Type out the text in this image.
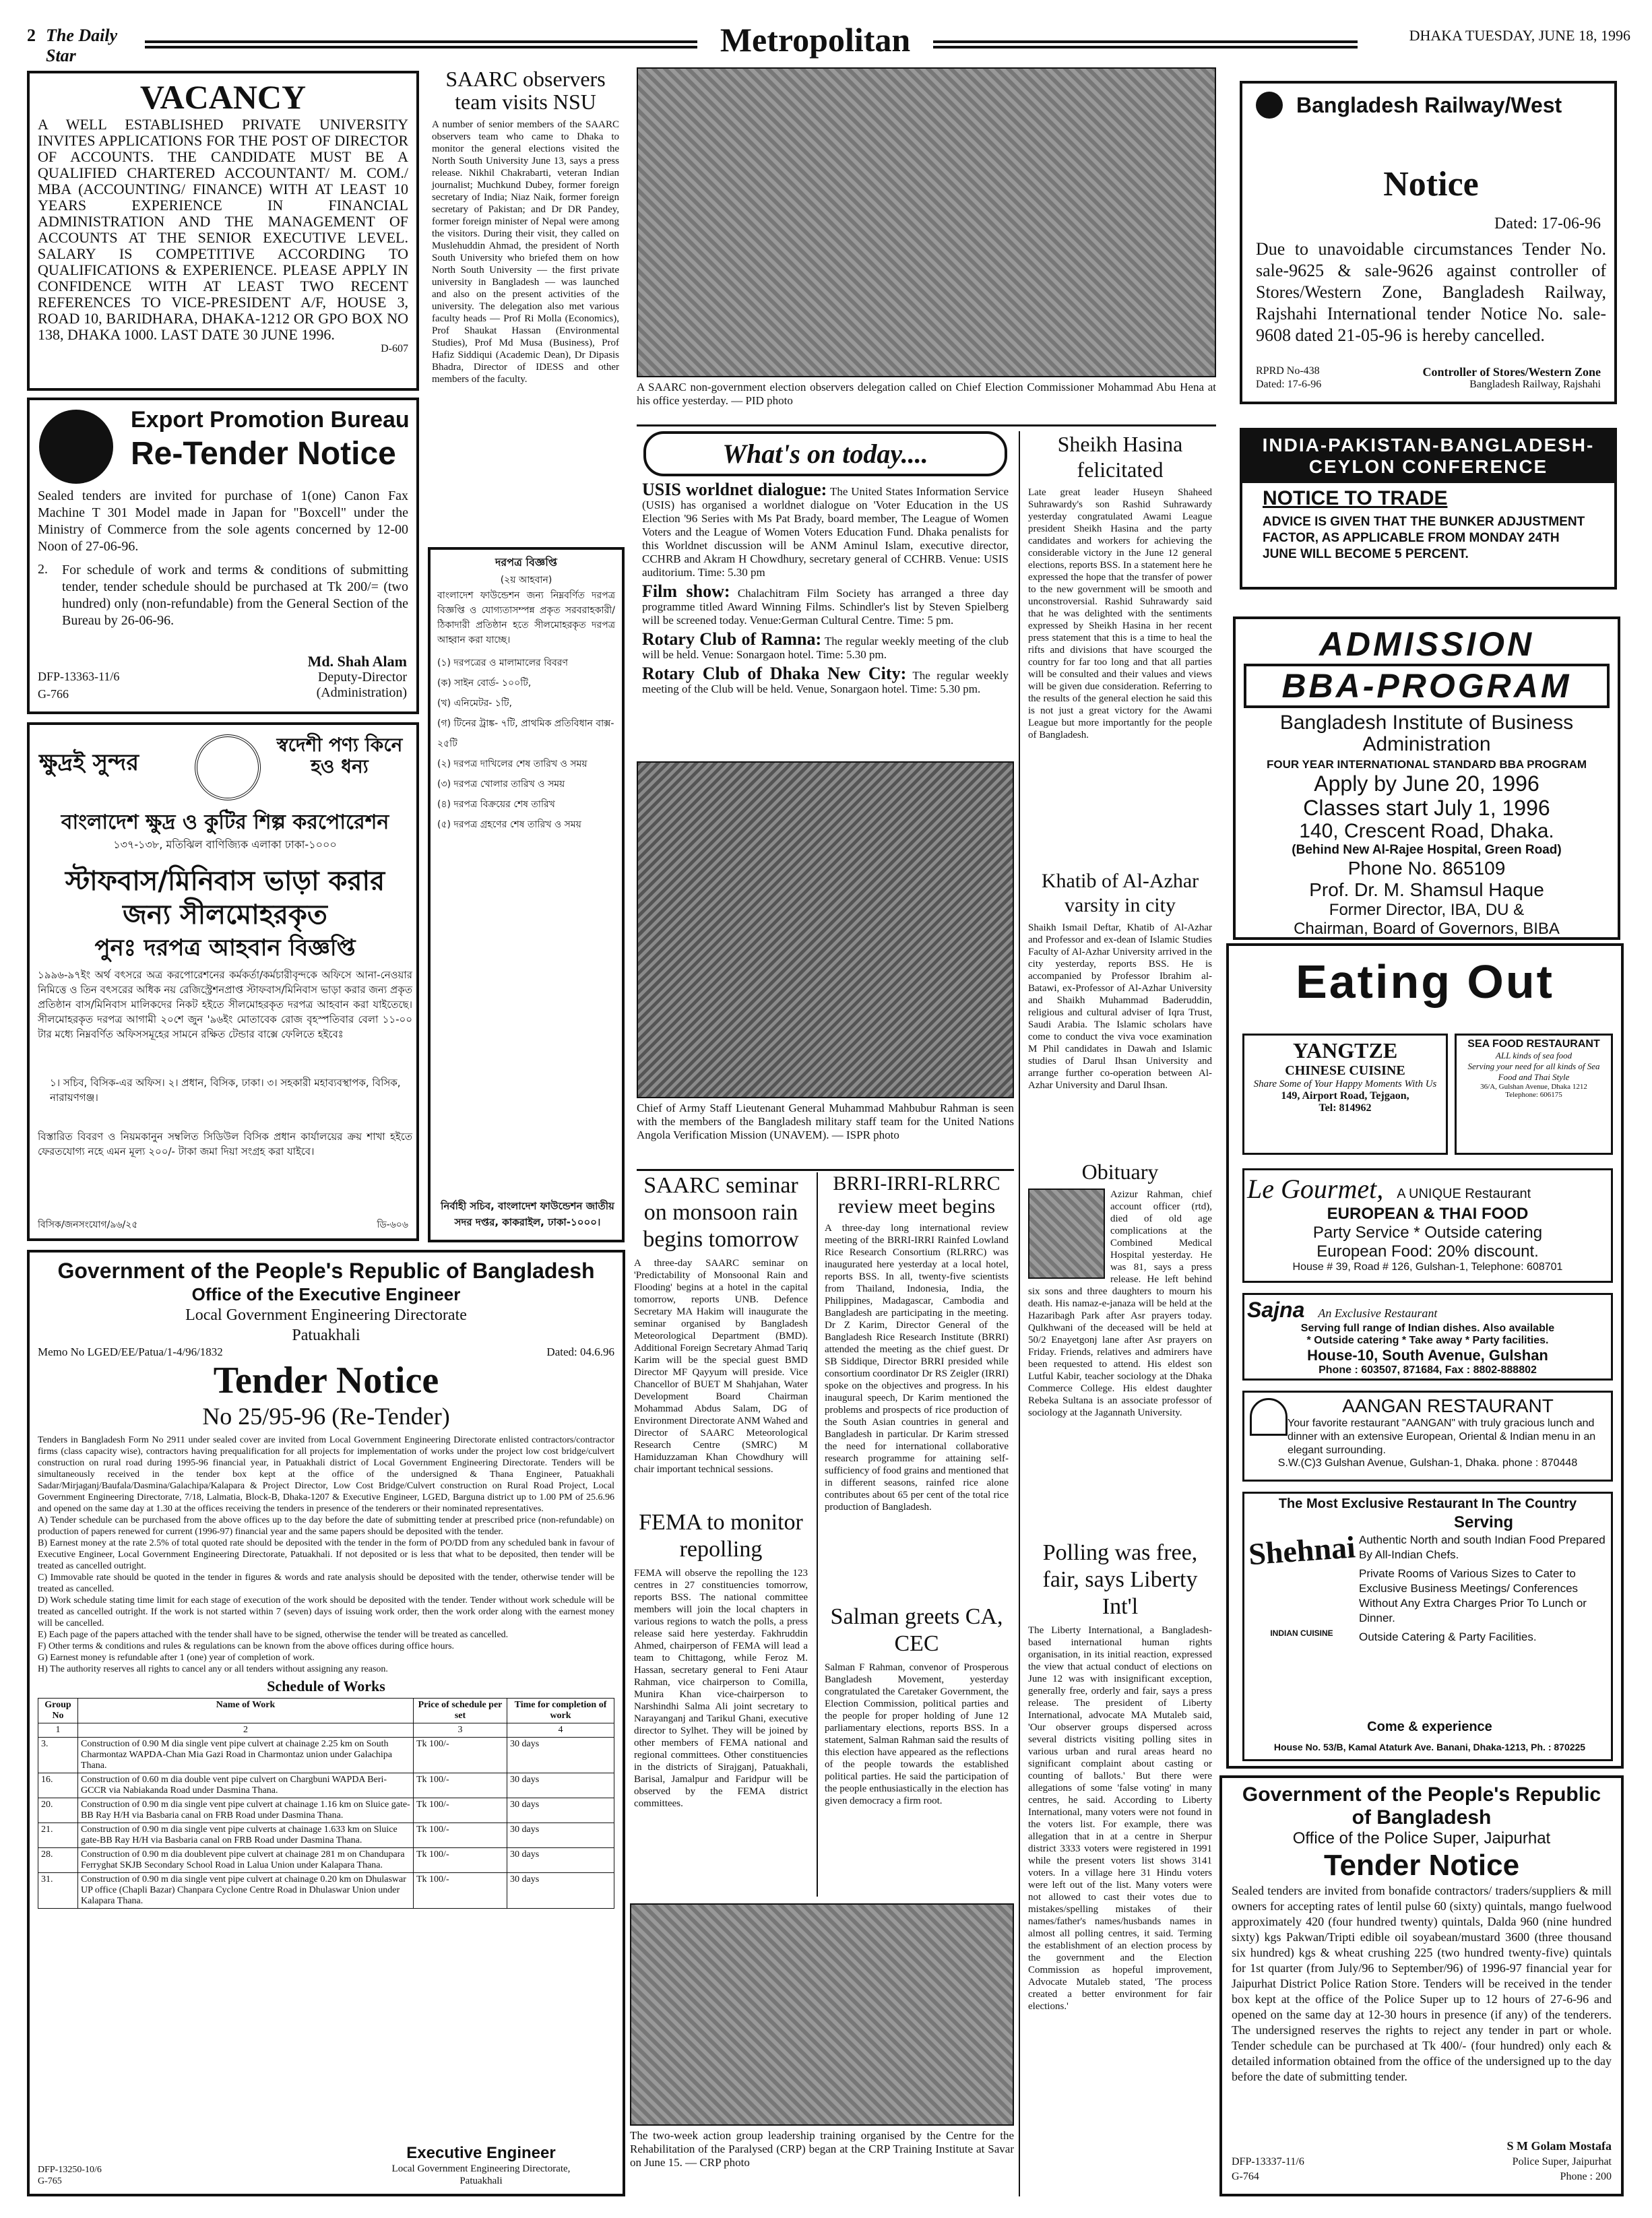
2 The Daily Star	Metropolitan	DHAKA TUESDAY, JUNE 18, 1996
VACANCY
A WELL ESTABLISHED PRIVATE UNIVERSITY INVITES APPLICATIONS FOR THE POST OF DIRECTOR OF ACCOUNTS. THE CANDIDATE MUST BE A QUALIFIED CHARTERED ACCOUNTANT/ M. COM./ MBA (ACCOUNTING/ FINANCE) WITH AT LEAST 10 YEARS EXPERIENCE IN FINANCIAL ADMINISTRATION AND THE MANAGEMENT OF ACCOUNTS AT THE SENIOR EXECUTIVE LEVEL. SALARY IS COMPETITIVE ACCORDING TO QUALIFICATIONS & EXPERIENCE. PLEASE APPLY IN CONFIDENCE WITH AT LEAST TWO RECENT REFERENCES TO VICE-PRESIDENT A/F, HOUSE 3, ROAD 10, BARIDHARA, DHAKA-1212 OR GPO BOX NO 138, DHAKA 1000. LAST DATE 30 JUNE 1996.
D-607
Export Promotion Bureau
Re-Tender Notice
Sealed tenders are invited for purchase of 1(one) Canon Fax Machine T 301 Model made in Japan for "Boxcell" under the Ministry of Commerce from the sole agents concerned by 12-00 Noon of 27-06-96.
2. For schedule of work and terms & conditions of submitting tender, tender schedule should be purchased at Tk 200/= (two hundred) only (non-refundable) from the General Section of the Bureau by 26-06-96.
Md. Shah Alam
Deputy-Director (Administration)
DFP-13363-11/6
G-766
ক্ষুদ্রই সুন্দর
স্বদেশী পণ্য কিনে হও ধন্য
বাংলাদেশ ক্ষুদ্র ও কুটির শিল্প করপোরেশন
১৩৭-১৩৮, মতিঝিল বাণিজ্যিক এলাকা ঢাকা-১০০০
স্টাফবাস/মিনিবাস ভাড়া করার
জন্য সীলমোহরকৃত
পুনঃ দরপত্র আহবান বিজ্ঞপ্তি
১৯৯৬-৯৭ইং অর্থ বৎসরে অত্র করপোরেশনের কর্মকর্তা/কর্মচারীবৃন্দকে অফিসে আনা-নেওয়ার নিমিত্তে ও তিন বৎসরের অধিক নয় রেজিস্ট্রেশনপ্রাপ্ত স্টাফবাস/মিনিবাস ভাড়া করার জন্য প্রকৃত প্রতিষ্ঠান বাস/মিনিবাস মালিকদের নিকট হইতে সীলমোহরকৃত দরপত্র আহবান করা যাইতেছে। সীলমোহরকৃত দরপত্র আগামী ২০শে জুন '৯৬ইং মোতাবেক রোজ বৃহস্পতিবার বেলা ১১-০০ টার মধ্যে নিম্নবর্ণিত অফিসসমূহের সামনে রক্ষিত টেন্ডার বাক্সে ফেলিতে হইবেঃ
১। সচিব, বিসিক-এর অফিস। ২। প্রধান, বিসিক, ঢাকা। ৩। সহকারী মহাব্যবস্থাপক, বিসিক, নারায়ণগঞ্জ।
বিস্তারিত বিবরণ ও নিয়মকানুন সম্বলিত সিডিউল বিসিক প্রধান কার্যালয়ের ক্রয় শাখা হইতে ফেরতযোগ্য নহে এমন মূল্য ২০০/- টাকা জমা দিয়া সংগ্রহ করা যাইবে।
বিসিক/জনসংযোগ/৯৬/২৫	ডি-৬০৬
Government of the People's Republic of Bangladesh
Office of the Executive Engineer
Local Government Engineering Directorate
Patuakhali
Memo No LGED/EE/Patua/1-4/96/1832	Dated: 04.6.96
Tender Notice
No 25/95-96 (Re-Tender)
Tenders in Bangladesh Form No 2911 under sealed cover are invited from Local Government Engineering Directorate enlisted contractors/contractor firms (class capacity wise), contractors having prequalification for all projects for implementation of works under the project low cost bridge/culvert construction on rural road during 1995-96 financial year, in Patuakhali district of Local Government Engineering Directorate. Tenders will be simultaneously received in the tender box kept at the office of the undersigned & Thana Engineer, Patuakhali Sadar/Mirjaganj/Baufala/Dasmina/Galachipa/Kalapara & Project Director, Low Cost Bridge/Culvert construction on Rural Road Project, Local Government Engineering Directorate, 7/18, Lalmatia, Block-B, Dhaka-1207 & Executive Engineer, LGED, Barguna district up to 1.00 PM of 25.6.96 and opened on the same day at 1.30 at the offices receiving the tenders in presence of the tenderers or their nominated representatives.
A) Tender schedule can be purchased from the above offices up to the day before the date of submitting tender at prescribed price (non-refundable) on production of papers renewed for current (1996-97) financial year and the same papers should be deposited with the tender.
B) Earnest money at the rate 2.5% of total quoted rate should be deposited with the tender in the form of PO/DD from any scheduled bank in favour of Executive Engineer, Local Government Engineering Directorate, Patuakhali. If not deposited or is less that what to be deposited, then tender will be treated as cancelled outright.
C) Immovable rate should be quoted in the tender in figures & words and rate analysis should be deposited with the tender, otherwise tender will be treated as cancelled.
D) Work schedule stating time limit for each stage of execution of the work should be deposited with the tender. Tender without work schedule will be treated as cancelled outright. If the work is not started within 7 (seven) days of issuing work order, then the work order along with the earnest money will be cancelled.
E) Each page of the papers attached with the tender shall have to be signed, otherwise the tender will be treated as cancelled.
F) Other terms & conditions and rules & regulations can be known from the above offices during office hours.
G) Earnest money is refundable after 1 (one) year of completion of work.
H) The authority reserves all rights to cancel any or all tenders without assigning any reason.
Schedule of Works
Group No	Name of Work	Price of schedule per set	Time for completion of work
1	2	3	4
3.	Construction of 0.90 M dia single vent pipe culvert at chainage 2.25 km on South Charmontaz WAPDA-Chan Mia Gazi Road in Charmontaz union under Galachipa Thana.	Tk 100/-	30 days
16.	Construction of 0.60 m dia double vent pipe culvert on Chargbuni WAPDA Beri-GCCR via Nabiakanda Road under Dasmina Thana.	Tk 100/-	30 days
20.	Construction of 0.90 m dia single vent pipe culvert at chainage 1.16 km on Sluice gate-BB Ray H/H via Basbaria canal on FRB Road under Dasmina Thana.	Tk 100/-	30 days
21.	Construction of 0.90 m dia single vent pipe culverts at chainage 1.633 km on Sluice gate-BB Ray H/H via Basbaria canal on FRB Road under Dasmina Thana.	Tk 100/-	30 days
28.	Construction of 0.90 m dia doublevent pipe culvert at chainage 281 m on Chandupara Ferryghat SKJB Secondary School Road in Lalua Union under Kalapara Thana.	Tk 100/-	30 days
31.	Construction of 0.90 m dia single vent pipe culvert at chainage 0.20 km on Dhulaswar UP office (Chapli Bazar) Chanpara Cyclone Centre Road in Dhulaswar Union under Kalapara Thana.	Tk 100/-	30 days
DFP-13250-10/6
G-765
Executive Engineer
Local Government Engineering Directorate, Patuakhali
SAARC observers team visits NSU
A number of senior members of the SAARC observers team who came to Dhaka to monitor the general elections visited the North South University June 13, says a press release. Nikhil Chakrabarti, veteran Indian journalist; Muchkund Dubey, former foreign secretary of India; Niaz Naik, former foreign secretary of Pakistan; and Dr DR Pandey, former foreign minister of Nepal were among the visitors. During their visit, they called on Muslehuddin Ahmad, the president of North South University who briefed them on how North South University — the first private university in Bangladesh — was launched and also on the present activities of the university. The delegation also met various faculty heads — Prof Ri Molla (Economics), Prof Shaukat Hassan (Environmental Studies), Prof Md Musa (Business), Prof Hafiz Siddiqui (Academic Dean), Dr Dipasis Bhadra, Director of IDESS and other members of the faculty.
দরপত্র বিজ্ঞপ্তি
(২য় আহবান)
বাংলাদেশ ফাউন্ডেশন জন্য নিম্নবর্ণিত দরপত্র বিজ্ঞপ্তি ও যোগ্যতাসম্পন্ন প্রকৃত সরবরাহকারী/ঠিকাদারী প্রতিষ্ঠান হতে সীলমোহরকৃত দরপত্র আহ্বান করা যাচ্ছে।
(১) দরপত্রের ও মালামালের বিবরণ
(ক) সাইন বোর্ড- ১০০টি,
(খ) এনিমেটর- ১টি,
(গ) টিনের ট্রাঙ্ক- ৭টি, প্রাথমিক প্রতিবিধান বাক্স- ২৫টি
(২) দরপত্র দাখিলের শেষ তারিখ ও সময়
(৩) দরপত্র খোলার তারিখ ও সময়
(৪) দরপত্র বিক্রয়ের শেষ তারিখ
(৫) দরপত্র গ্রহণের শেষ তারিখ ও সময়
নির্বাহী সচিব, বাংলাদেশ ফাউন্ডেশন জাতীয় সদর দপ্তর, কাকরাইল, ঢাকা-১০০০।
A SAARC non-government election observers delegation called on Chief Election Commissioner Mohammad Abu Hena at his office yesterday. — PID photo
What's on today....
USIS worldnet dialogue: The United States Information Service (USIS) has organised a worldnet dialogue on 'Voter Education in the US Election '96 Series with Ms Pat Brady, board member, The League of Women Voters and the League of Women Voters Education Fund. Dhaka penalists for this Worldnet discussion will be ANM Aminul Islam, executive director, CCHRB and Akram H Chowdhury, secretary general of CCHRB. Venue: USIS auditorium. Time: 5.30 pm
Film show: Chalachitram Film Society has arranged a three day programme titled Award Winning Films. Schindler's list by Steven Spielberg will be screened today. Venue:German Cultural Centre. Time: 5 pm.
Rotary Club of Ramna: The regular weekly meeting of the club will be held. Venue: Sonargaon hotel. Time: 5.30 pm.
Rotary Club of Dhaka New City: The regular weekly meeting of the Club will be held. Venue, Sonargaon hotel. Time: 5.30 pm.
Chief of Army Staff Lieutenant General Muhammad Mahbubur Rahman is seen with the members of the Bangladesh military staff team for the United Nations Angola Verification Mission (UNAVEM). — ISPR photo
SAARC seminar on monsoon rain begins tomorrow
A three-day SAARC seminar on 'Predictability of Monsoonal Rain and Flooding' begins at a hotel in the capital tomorrow, reports UNB. Defence Secretary MA Hakim will inaugurate the seminar organised by Bangladesh Meteorological Department (BMD). Additional Foreign Secretary Ahmad Tariq Karim will be the special guest BMD Director MF Qayyum will preside. Vice Chancellor of BUET M Shahjahan, Water Development Board Chairman Mohammad Abdus Salam, DG of Environment Directorate ANM Wahed and Director of SAARC Meteorological Research Centre (SMRC) M Hamiduzzaman Khan Chowdhury will chair important technical sessions.
FEMA to monitor repolling
FEMA will observe the repolling the 123 centres in 27 constituencies tomorrow, reports BSS. The national committee members will join the local chapters in various regions to watch the polls, a press release said here yesterday. Fakhruddin Ahmed, chairperson of FEMA will lead a team to Chittagong, while Feroz M. Hassan, secretary general to Feni Ataur Rahman, vice chairperson to Comilla, Munira Khan vice-chairperson to Narshindhi Salma Ali joint secretary to Narayanganj and Tarikul Ghani, executive director to Sylhet. They will be joined by other members of FEMA national and regional committees. Other constituencies in the districts of Sirajganj, Patuakhali, Barisal, Jamalpur and Faridpur will be observed by the FEMA district committees.
BRRI-IRRI-RLRRC review meet begins
A three-day long international review meeting of the BRRI-IRRI Rainfed Lowland Rice Research Consortium (RLRRC) was inaugurated here yesterday at a local hotel, reports BSS. In all, twenty-five scientists from Thailand, Indonesia, India, the Philippines, Madagascar, Cambodia and Bangladesh are participating in the meeting. Dr Z Karim, Director General of the Bangladesh Rice Research Institute (BRRI) attended the meeting as the chief guest. Dr SB Siddique, Director BRRI presided while consortium coordinator Dr RS Zeigler (IRRI) spoke on the objectives and progress. In his inaugural speech, Dr Karim mentioned the problems and prospects of rice production of the South Asian countries in general and Bangladesh in particular. Dr Karim stressed the need for international collaborative research programme for attaining self-sufficiency of food grains and mentioned that in different seasons, rainfed rice alone contributes about 65 per cent of the total rice production of Bangladesh.
Salman greets CA, CEC
Salman F Rahman, convenor of Prosperous Bangladesh Movement, yesterday congratulated the Caretaker Government, the Election Commission, political parties and the people for proper holding of June 12 parliamentary elections, reports BSS. In a statement, Salman Rahman said the results of this election have appeared as the reflections of the people towards the established political parties. He said the participation of the people enthusiastically in the election has given democracy a firm root.
The two-week action group leadership training organised by the Centre for the Rehabilitation of the Paralysed (CRP) began at the CRP Training Institute at Savar on June 15. — CRP photo
Sheikh Hasina felicitated
Late great leader Huseyn Shaheed Suhrawardy's son Rashid Suhrawardy yesterday congratulated Awami League president Sheikh Hasina and the party candidates and workers for achieving the considerable victory in the June 12 general elections, reports BSS. In a statement here he expressed the hope that the transfer of power to the new government will be smooth and unconstroversial. Rashid Suhrawardy said that he was delighted with the sentiments expressed by Sheikh Hasina in her recent press statement that this is a time to heal the rifts and divisions that have scourged the country for far too long and that all parties will be consulted and their values and views will be given due consideration. Referring to the results of the general election he said this is not just a great victory for the Awami League but more importantly for the people of Bangladesh.
Khatib of Al-Azhar varsity in city
Shaikh Ismail Deftar, Khatib of Al-Azhar and Professor and ex-dean of Islamic Studies Faculty of Al-Azhar University arrived in the city yesterday, reports BSS. He is accompanied by Professor Ibrahim al-Batawi, ex-Professor of Al-Azhar University and Shaikh Muhammad Baderuddin, religious and cultural adviser of Iqra Trust, Saudi Arabia. The Islamic scholars have come to conduct the viva voce examination M Phil candidates in Dawah and Islamic studies of Darul Ihsan University and arrange further co-operation between Al-Azhar University and Darul Ihsan.
Obituary
Azizur Rahman, chief account officer (rtd), died of old age complications at the Combined Medical Hospital yesterday. He was 81, says a press release. He left behind six sons and three daughters to mourn his death. His namaz-e-janaza will be held at the Hazaribagh Park after Asr prayers today. Qulkhwani of the deceased will be held at 50/2 Enayetgonj lane after Asr prayers on Friday. Friends, relatives and admirers have been requested to attend. His eldest son Lutful Kabir, teacher sociology at the Dhaka Commerce College. His eldest daughter Rebeka Sultana is an associate professor of sociology at the Jagannath University.
Polling was free, fair, says Liberty Int'l
The Liberty International, a Bangladesh-based international human rights organisation, in its initial reaction, expressed the view that actual conduct of elections on June 12 was with insignificant exception, generally free, orderly and fair, says a press release. The president of Liberty International, advocate MA Mutaleb said, 'Our observer groups dispersed across several districts visiting polling sites in various urban and rural areas heard no significant complaint about casting or counting of ballots.' But there were allegations of some 'false voting' in many centres, he said. According to Liberty International, many voters were not found in the voters list. For example, there was allegation that in at a centre in Sherpur district 3333 voters were registered in 1991 while the present voters list shows 3141 voters. In a village here 31 Hindu voters were left out of the list. Many voters were not allowed to cast their votes due to mistakes/spelling mistakes of their names/father's names/husbands names in almost all polling centres, it said. Terming the establishment of an election process by the government and the Election Commission as hopeful improvement, Advocate Mutaleb stated, 'The process created a better environment for fair elections.'
Bangladesh Railway/West
Notice
Dated: 17-06-96
Due to unavoidable circumstances Tender No. sale-9625 & sale-9626 against controller of Stores/Western Zone, Bangladesh Railway, Rajshahi International tender Notice No. sale-9608 dated 21-05-96 is hereby cancelled.
RPRD No-438
Dated: 17-6-96
Controller of Stores/Western Zone
Bangladesh Railway, Rajshahi
INDIA-PAKISTAN-BANGLADESH-
CEYLON CONFERENCE
NOTICE TO TRADE
ADVICE IS GIVEN THAT THE BUNKER ADJUSTMENT FACTOR, AS APPLICABLE FROM MONDAY 24TH JUNE WILL BECOME 5 PERCENT.
ADMISSION
BBA-PROGRAM
Bangladesh Institute of Business Administration
FOUR YEAR INTERNATIONAL STANDARD BBA PROGRAM
Apply by June 20, 1996
Classes start July 1, 1996
140, Crescent Road, Dhaka.
(Behind New Al-Rajee Hospital, Green Road)
Phone No. 865109
Prof. Dr. M. Shamsul Haque
Former Director, IBA, DU &
Chairman, Board of Governors, BIBA
Eating Out
YANGTZE
CHINESE CUISINE
Share Some of Your Happy Moments With Us
149, Airport Road, Tejgaon,
Tel: 814962
SEA FOOD RESTAURANT
ALL kinds of sea food
Serving your need for all kinds of Sea Food and Thai Style
36/A, Gulshan Avenue, Dhaka 1212
Telephone: 606175
Le Gourmet, A UNIQUE Restaurant
EUROPEAN & THAI FOOD
Party Service * Outside catering
European Food: 20% discount.
House # 39, Road # 126, Gulshan-1, Telephone: 608701
Sajna An Exclusive Restaurant
Serving full range of Indian dishes. Also available
* Outside catering * Take away * Party facilities.
House-10, South Avenue, Gulshan
Phone : 603507, 871684, Fax : 8802-888802
AANGAN RESTAURANT
Your favorite restaurant "AANGAN" with truly gracious lunch and dinner with an extensive European, Oriental & Indian menu in an elegant surrounding.
S.W.(C)3 Gulshan Avenue, Gulshan-1, Dhaka. phone : 870448
The Most Exclusive Restaurant In The Country
Shehnai
INDIAN CUISINE
Serving
Authentic North and south Indian Food Prepared By All-Indian Chefs.
Private Rooms of Various Sizes to Cater to Exclusive Business Meetings/ Conferences Without Any Extra Charges Prior To Lunch or Dinner.
Outside Catering & Party Facilities.
Come & experience
House No. 53/B, Kamal Ataturk Ave. Banani, Dhaka-1213, Ph. : 870225
Government of the People's Republic of Bangladesh
Office of the Police Super, Jaipurhat
Tender Notice
Sealed tenders are invited from bonafide contractors/ traders/suppliers & mill owners for accepting rates of lentil pulse 60 (sixty) quintals, mango fuelwood approximately 420 (four hundred twenty) quintals, Dalda 960 (nine hundred sixty) kgs Pakwan/Tripti edible oil soyabean/mustard 3600 (three thousand six hundred) kgs & wheat crushing 225 (two hundred twenty-five) quintals for 1st quarter (from July/96 to September/96) of 1996-97 financial year for Jaipurhat District Police Ration Store. Tenders will be received in the tender box kept at the office of the Police Super up to 12 hours of 27-6-96 and opened on the same day at 12-30 hours in presence (if any) of the tenderers. The undersigned reserves the rights to reject any tender in part or whole. Tender schedule can be purchased at Tk 400/- (four hundred) only each & detailed information obtained from the office of the undersigned up to the day before the date of submitting tender.
S M Golam Mostafa
Police Super, Jaipurhat
Phone : 200
DFP-13337-11/6
G-764
